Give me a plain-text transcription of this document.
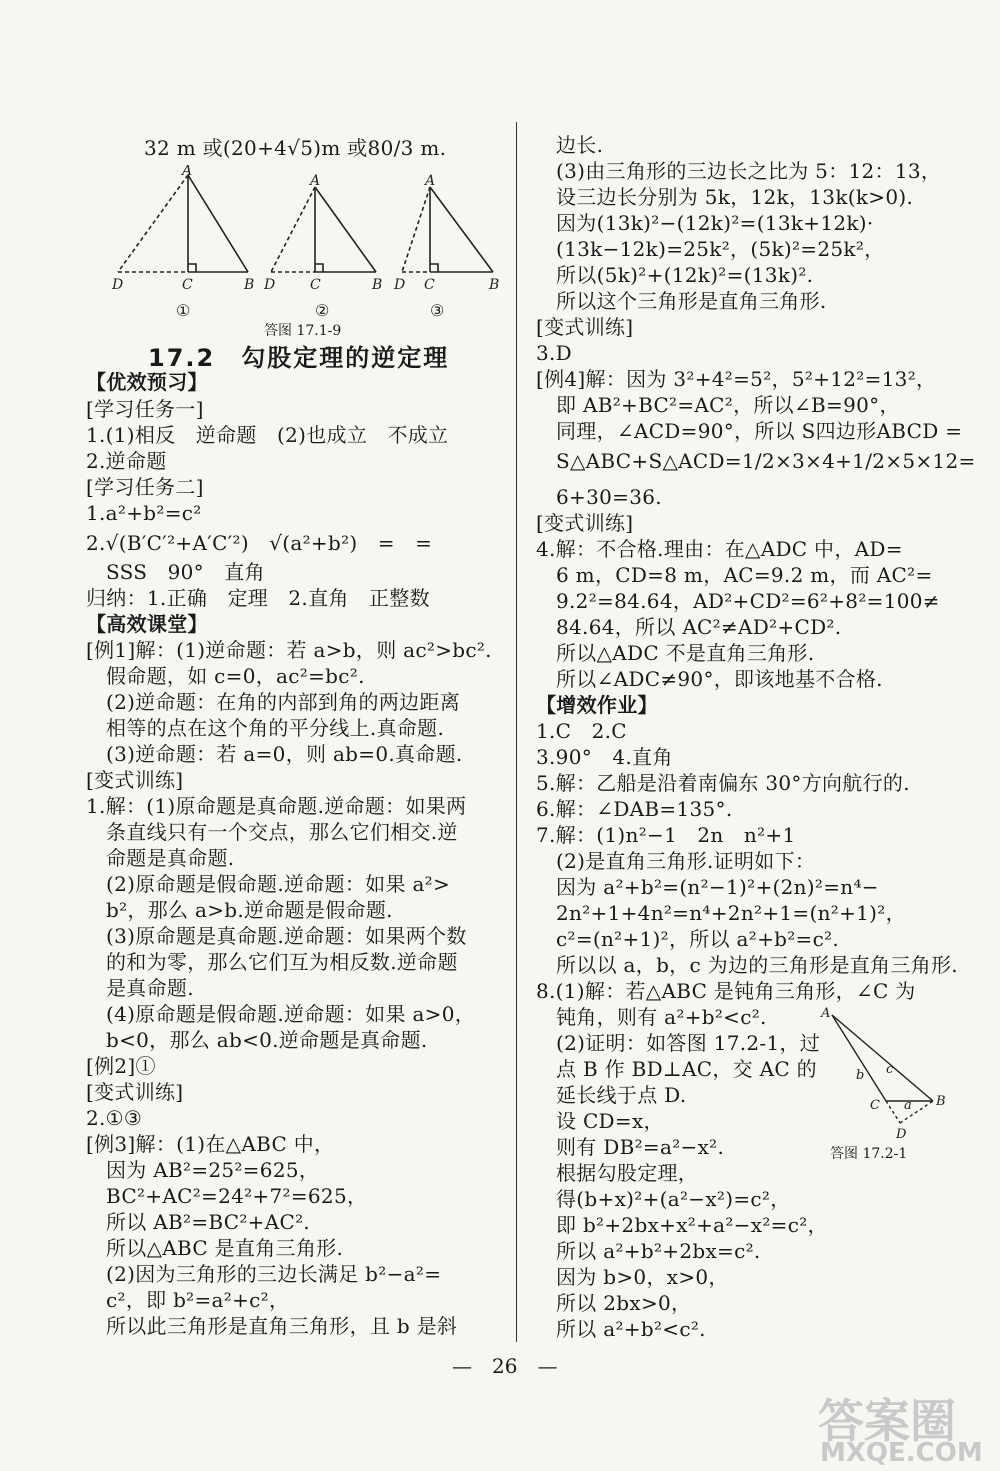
32 m 或(20+4√5)m 或80/3 m.
【优效预习】
[学习任务一]
1.(1)相反　逆命题　(2)也成立　不成立
2.逆命题
[学习任务二]
1.a²+b²=c²
2.√(B′C′²+A′C′²)　√(a²+b²)　=　=
SSS　90°　直角
归纳：1.正确　定理　2.直角　正整数
【高效课堂】
[例1]解：(1)逆命题：若 a>b，则 ac²>bc².
假命题，如 c=0，ac²=bc².
(2)逆命题：在角的内部到角的两边距离
相等的点在这个角的平分线上.真命题.
(3)逆命题：若 a=0，则 ab=0.真命题.
[变式训练]
1.解：(1)原命题是真命题.逆命题：如果两
条直线只有一个交点，那么它们相交.逆
命题是真命题.
(2)原命题是假命题.逆命题：如果 a²>
b²，那么 a>b.逆命题是假命题.
(3)原命题是真命题.逆命题：如果两个数
的和为零，那么它们互为相反数.逆命题
是真命题.
(4)原命题是假命题.逆命题：如果 a>0，
b<0，那么 ab<0.逆命题是真命题.
[例2]①
[变式训练]
2.①③
[例3]解：(1)在△ABC 中，
因为 AB²=25²=625，
BC²+AC²=24²+7²=625，
所以 AB²=BC²+AC².
所以△ABC 是直角三角形.
(2)因为三角形的三边长满足 b²−a²=
c²，即 b²=a²+c²，
所以此三角形是直角三角形，且 b 是斜
边长.
(3)由三角形的三边长之比为 5：12：13，
设三边长分别为 5k，12k，13k(k>0).
因为(13k)²−(12k)²=(13k+12k)·
(13k−12k)=25k²，(5k)²=25k²，
所以(5k)²+(12k)²=(13k)².
所以这个三角形是直角三角形.
[变式训练]
3.D
[例4]解：因为 3²+4²=5²，5²+12²=13²，
即 AB²+BC²=AC²，所以∠B=90°，
同理，∠ACD=90°，所以 S四边形ABCD =
S△ABC+S△ACD=1/2×3×4+1/2×5×12=
6+30=36.
[变式训练]
4.解：不合格.理由：在△ADC 中，AD=
6 m，CD=8 m，AC=9.2 m，而 AC²=
9.2²=84.64，AD²+CD²=6²+8²=100≠
84.64，所以 AC²≠AD²+CD².
所以△ADC 不是直角三角形.
所以∠ADC≠90°，即该地基不合格.
【增效作业】
1.C　2.C
3.90°　4.直角
5.解：乙船是沿着南偏东 30°方向航行的.
6.解：∠DAB=135°.
7.解：(1)n²−1　2n　n²+1
(2)是直角三角形.证明如下：
因为 a²+b²=(n²−1)²+(2n)²=n⁴−
2n²+1+4n²=n⁴+2n²+1=(n²+1)²，
c²=(n²+1)²，所以 a²+b²=c².
所以以 a，b，c 为边的三角形是直角三角形.
8.(1)解：若△ABC 是钝角三角形，∠C 为
钝角，则有 a²+b²<c².
(2)证明：如答图 17.2-1，过
点 B 作 BD⊥AC，交 AC 的
延长线于点 D.
设 CD=x，
则有 DB²=a²−x².
根据勾股定理，
得(b+x)²+(a²−x²)=c²，
即 b²+2bx+x²+a²−x²=c²，
所以 a²+b²+2bx=c².
因为 b>0，x>0，
所以 2bx>0，
所以 a²+b²<c².
17.2　勾股定理的逆定理
A
D	C	B
A
D C	B
A
D C	B
①	②	③
答图 17.1-9
A
B
C
D
c
b
a
答图 17.2-1
—　26　—
答案圈
MXQE.COM
